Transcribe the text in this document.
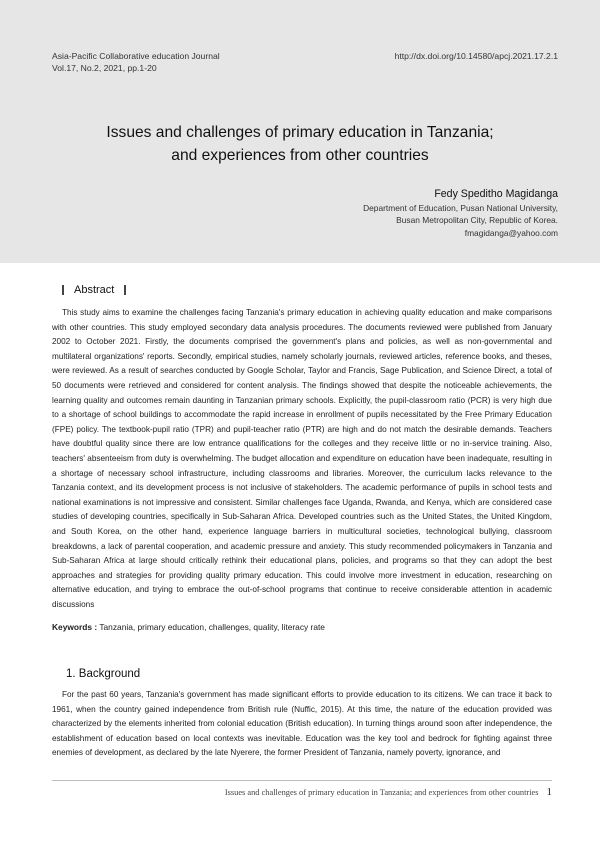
Asia-Pacific Collaborative education Journal
Vol.17, No.2, 2021, pp.1-20
http://dx.doi.org/10.14580/apcj.2021.17.2.1
Issues and challenges of primary education in Tanzania;
and experiences from other countries
Fedy Speditho Magidanga
Department of Education, Pusan National University,
Busan Metropolitan City, Republic of Korea.
fmagidanga@yahoo.com
Abstract
This study aims to examine the challenges facing Tanzania's primary education in achieving quality education and make comparisons with other countries. This study employed secondary data analysis procedures. The documents reviewed were published from January 2002 to October 2021. Firstly, the documents comprised the government's plans and policies, as well as non-governmental and multilateral organizations' reports. Secondly, empirical studies, namely scholarly journals, reviewed articles, reference books, and theses, were reviewed. As a result of searches conducted by Google Scholar, Taylor and Francis, Sage Publication, and Science Direct, a total of 50 documents were retrieved and considered for content analysis. The findings showed that despite the noticeable achievements, the learning quality and outcomes remain daunting in Tanzanian primary schools. Explicitly, the pupil-classroom ratio (PCR) is very high due to a shortage of school buildings to accommodate the rapid increase in enrollment of pupils necessitated by the Free Primary Education (FPE) policy. The textbook-pupil ratio (TPR) and pupil-teacher ratio (PTR) are high and do not match the desirable demands. Teachers have doubtful quality since there are low entrance qualifications for the colleges and they receive little or no in-service training. Also, teachers' absenteeism from duty is overwhelming. The budget allocation and expenditure on education have been inadequate, resulting in a shortage of necessary school infrastructure, including classrooms and libraries. Moreover, the curriculum lacks relevance to the Tanzania context, and its development process is not inclusive of stakeholders. The academic performance of pupils in school tests and national examinations is not impressive and consistent. Similar challenges face Uganda, Rwanda, and Kenya, which are considered case studies of developing countries, specifically in Sub-Saharan Africa. Developed countries such as the United States, the United Kingdom, and South Korea, on the other hand, experience language barriers in multicultural societies, technological bullying, classroom breakdowns, a lack of parental cooperation, and academic pressure and anxiety. This study recommended policymakers in Tanzania and Sub-Saharan Africa at large should critically rethink their educational plans, policies, and programs so that they can adopt the best approaches and strategies for providing quality primary education. This could involve more investment in education, researching on alternative education, and trying to embrace the out-of-school programs that continue to receive considerable attention in academic discussions
Keywords : Tanzania, primary education, challenges, quality, literacy rate
1. Background
For the past 60 years, Tanzania's government has made significant efforts to provide education to its citizens. We can trace it back to 1961, when the country gained independence from British rule (Nuffic, 2015). At this time, the nature of the education provided was characterized by the elements inherited from colonial education (British education). In turning things around soon after independence, the establishment of education based on local contexts was inevitable. Education was the key tool and bedrock for fighting against three enemies of development, as declared by the late Nyerere, the former President of Tanzania, namely poverty, ignorance, and
Issues and challenges of primary education in Tanzania; and experiences from other countries 1
